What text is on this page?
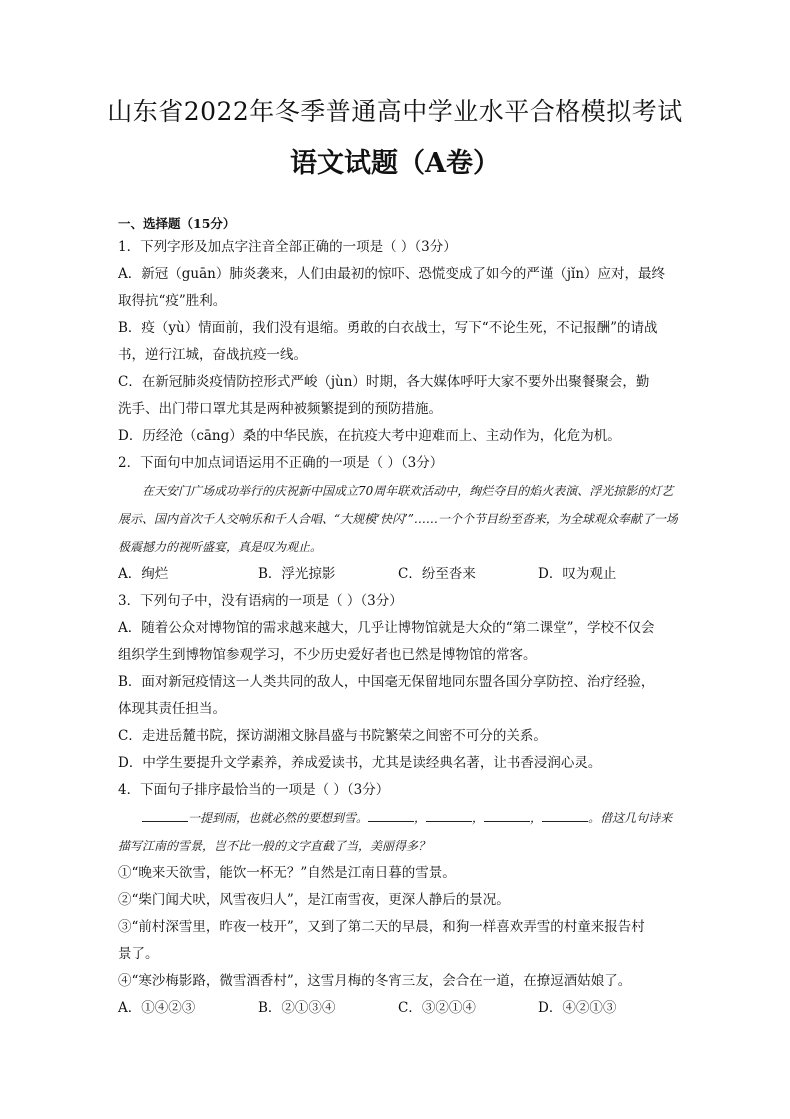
山东省2022年冬季普通高中学业水平合格模拟考试
语文试题（A卷）

一、选择题（15分）

1．下列字形及加点字注音全部正确的一项是（ ）（3分）

A．新冠（guān）肺炎袭来，人们由最初的惊吓、恐慌变成了如今的严谨（jǐn）应对，最终

取得抗“疫”胜利。

B．疫（yù）情面前，我们没有退缩。勇敢的白衣战士，写下“不论生死，不记报酬”的请战

书，逆行江城，奋战抗疫一线。

C．在新冠肺炎疫情防控形式严峻（jùn）时期，各大媒体呼吁大家不要外出聚餐聚会，勤

洗手、出门带口罩尤其是两种被频繁提到的预防措施。

D．历经沧（cāng）桑的中华民族，在抗疫大考中迎难而上、主动作为，化危为机。

2．下面句中加点词语运用不正确的一项是（ ）（3分）

在天安门广场成功举行的庆祝新中国成立70周年联欢活动中，绚烂夺目的焰火表演、浮光掠影的灯艺展示、国内首次千人交响乐和千人合唱、“大规模‘快闪’”……一个个节目纷至沓来，为全球观众奉献了一场极震撼力的视听盛宴，真是叹为观止。

A．绚烂	B．浮光掠影	C．纷至沓来	D．叹为观止

3．下列句子中，没有语病的一项是（ ）（3分）

A．随着公众对博物馆的需求越来越大，几乎让博物馆就是大众的“第二课堂”，学校不仅会

组织学生到博物馆参观学习，不少历史爱好者也已然是博物馆的常客。

B．面对新冠疫情这一人类共同的敌人，中国毫无保留地同东盟各国分享防控、治疗经验，

体现其责任担当。

C．走进岳麓书院，探访湖湘文脉昌盛与书院繁荣之间密不可分的关系。

D．中学生要提升文学素养，养成爱读书，尤其是读经典名著，让书香浸润心灵。

4．下面句子排序最恰当的一项是（ ）（3分）

一提到雨，也就必然的要想到雪。	，	，	，	。借这几句诗来描写江南的雪景，岂不比一般的文字直截了当，美丽得多？

①“晚来天欲雪，能饮一杯无？”自然是江南日暮的雪景。

②“柴门闻犬吠，风雪夜归人”，是江南雪夜，更深人静后的景况。

③“前村深雪里，昨夜一枝开”，又到了第二天的早晨，和狗一样喜欢弄雪的村童来报告村

景了。

④“寒沙梅影路，微雪酒香村”，这雪月梅的冬宵三友，会合在一道，在撩逗酒姑娘了。

A．①④②③	B．②①③④	C．③②①④	D．④②①③
